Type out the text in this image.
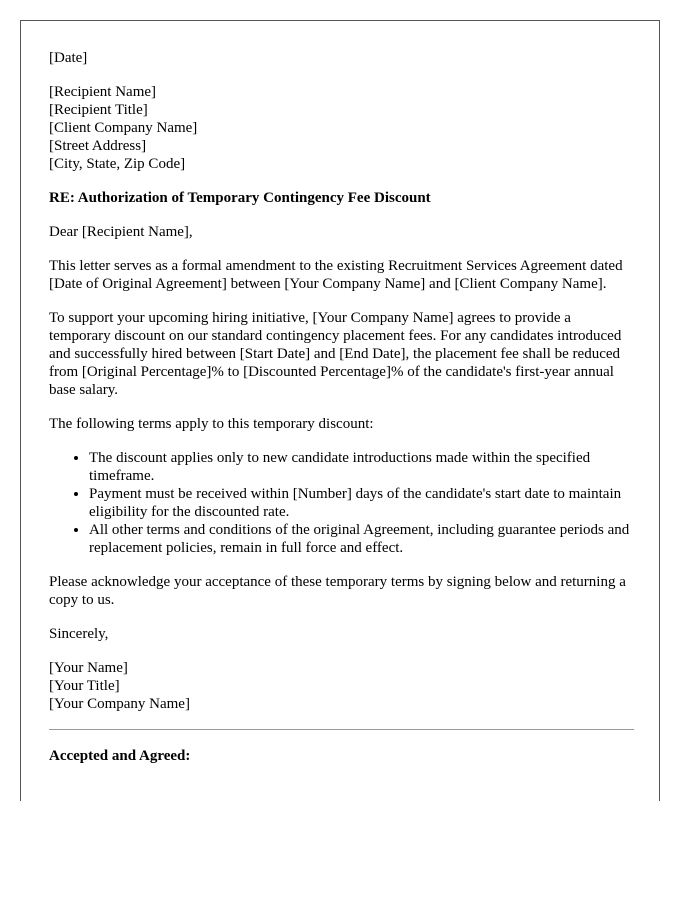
[Date]

[Recipient Name]
[Recipient Title]
[Client Company Name]
[Street Address]
[City, State, Zip Code]

RE: Authorization of Temporary Contingency Fee Discount

Dear [Recipient Name],

This letter serves as a formal amendment to the existing Recruitment Services Agreement dated [Date of Original Agreement] between [Your Company Name] and [Client Company Name].

To support your upcoming hiring initiative, [Your Company Name] agrees to provide a temporary discount on our standard contingency placement fees. For any candidates introduced and successfully hired between [Start Date] and [End Date], the placement fee shall be reduced from [Original Percentage]% to [Discounted Percentage]% of the candidate's first-year annual base salary.

The following terms apply to this temporary discount:

• The discount applies only to new candidate introductions made within the specified timeframe.
• Payment must be received within [Number] days of the candidate's start date to maintain eligibility for the discounted rate.
• All other terms and conditions of the original Agreement, including guarantee periods and replacement policies, remain in full force and effect.

Please acknowledge your acceptance of these temporary terms by signing below and returning a copy to us.

Sincerely,

[Your Name]
[Your Title]
[Your Company Name]

Accepted and Agreed:
